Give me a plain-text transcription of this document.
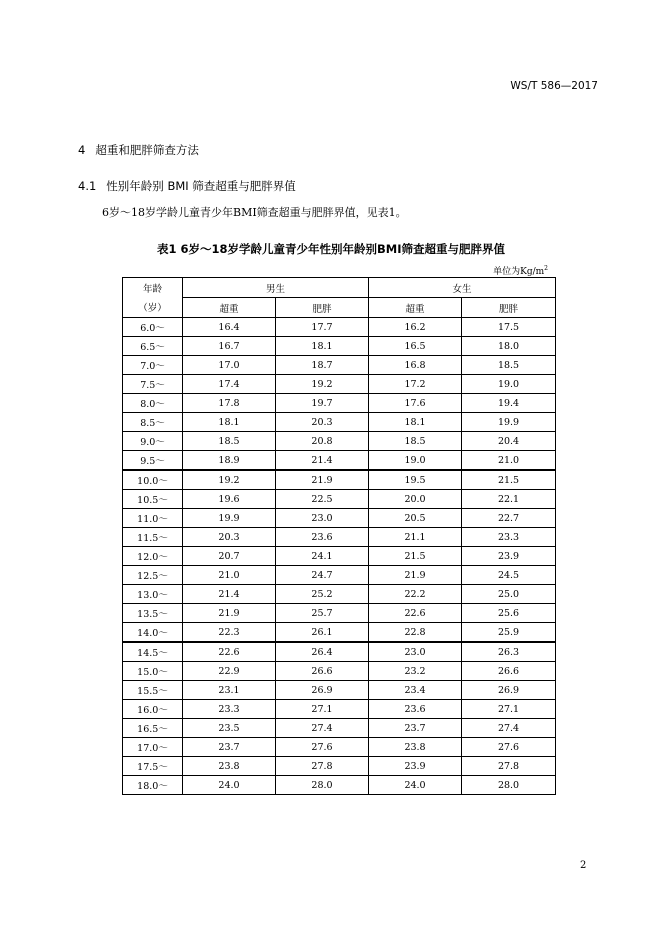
WS/T 586—2017
4 超重和肥胖筛查方法
4.1 性别年龄别 BMI 筛查超重与肥胖界值
6岁～18岁学龄儿童青少年BMI筛查超重与肥胖界值，见表1。
表1 6岁～18岁学龄儿童青少年性别年龄别BMI筛查超重与肥胖界值
单位为$Kg/m^2$
年龄	男生		女生	
（岁）	超重	肥胖	超重	肥胖
6.0～	16.4	17.7	16.2	17.5
6.5～	16.7	18.1	16.5	18.0
7.0～	17.0	18.7	16.8	18.5
7.5～	17.4	19.2	17.2	19.0
8.0～	17.8	19.7	17.6	19.4
8.5～	18.1	20.3	18.1	19.9
9.0～	18.5	20.8	18.5	20.4
9.5～	18.9	21.4	19.0	21.0
10.0～	19.2	21.9	19.5	21.5
10.5～	19.6	22.5	20.0	22.1
11.0～	19.9	23.0	20.5	22.7
11.5～	20.3	23.6	21.1	23.3
12.0～	20.7	24.1	21.5	23.9
12.5～	21.0	24.7	21.9	24.5
13.0～	21.4	25.2	22.2	25.0
13.5～	21.9	25.7	22.6	25.6
14.0～	22.3	26.1	22.8	25.9
14.5～	22.6	26.4	23.0	26.3
15.0～	22.9	26.6	23.2	26.6
15.5～	23.1	26.9	23.4	26.9
16.0～	23.3	27.1	23.6	27.1
16.5～	23.5	27.4	23.7	27.4
17.0～	23.7	27.6	23.8	27.6
17.5～	23.8	27.8	23.9	27.8
18.0～	24.0	28.0	24.0	28.0
2
